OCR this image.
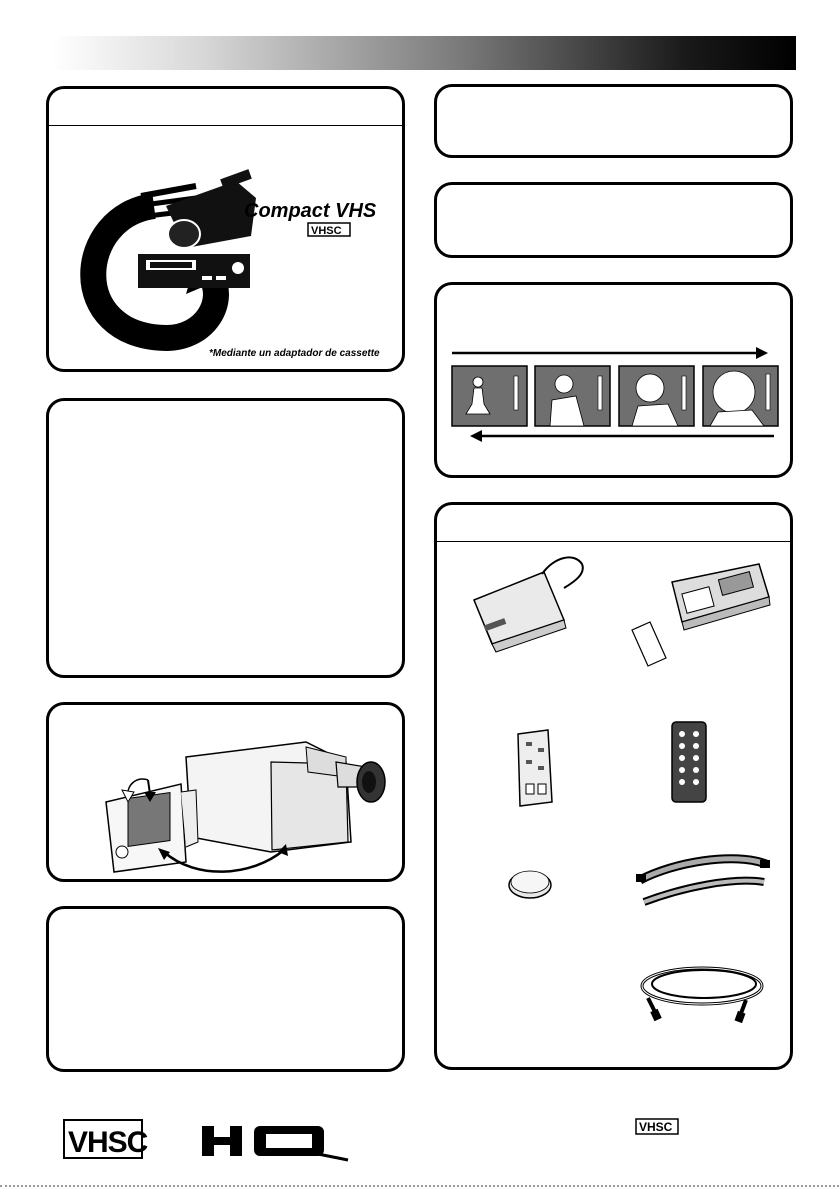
Compact VHS
VHSC
*Mediante un adaptador de cassette
VHSC
HQ	VHSC
